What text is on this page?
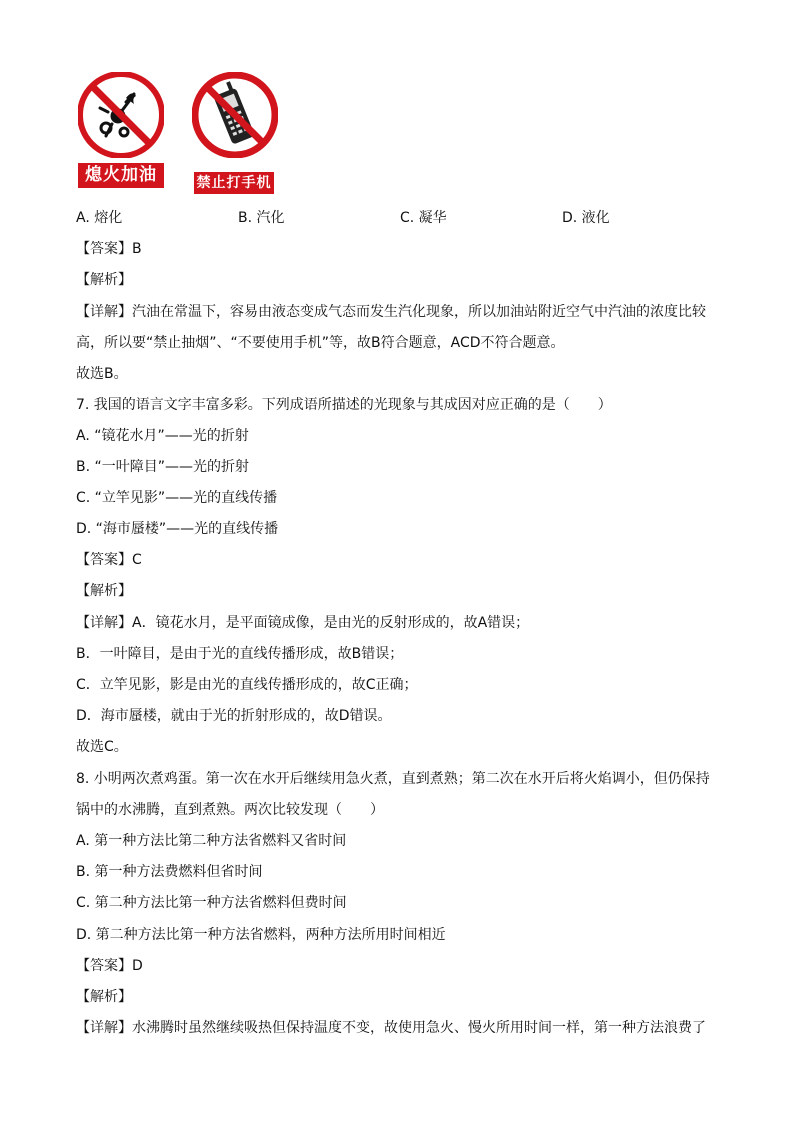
熄火加油	禁止打手机
A. 熔化	B. 汽化	C. 凝华	D. 液化
【答案】B
【解析】
【详解】汽油在常温下，容易由液态变成气态而发生汽化现象，所以加油站附近空气中汽油的浓度比较
高，所以要“禁止抽烟”、“不要使用手机”等，故B符合题意，ACD不符合题意。
故选B。
7. 我国的语言文字丰富多彩。下列成语所描述的光现象与其成因对应正确的是（　　）
A. “镜花水月”——光的折射
B. “一叶障目”——光的折射
C. “立竿见影”——光的直线传播
D. “海市蜃楼”——光的直线传播
【答案】C
【解析】
【详解】A．镜花水月，是平面镜成像，是由光的反射形成的，故A错误；
B．一叶障目，是由于光的直线传播形成，故B错误；
C．立竿见影，影是由光的直线传播形成的，故C正确；
D．海市蜃楼，就由于光的折射形成的，故D错误。
故选C。
8. 小明两次煮鸡蛋。第一次在水开后继续用急火煮，直到煮熟；第二次在水开后将火焰调小，但仍保持
锅中的水沸腾，直到煮熟。两次比较发现（　　）
A. 第一种方法比第二种方法省燃料又省时间
B. 第一种方法费燃料但省时间
C. 第二种方法比第一种方法省燃料但费时间
D. 第二种方法比第一种方法省燃料，两种方法所用时间相近
【答案】D
【解析】
【详解】水沸腾时虽然继续吸热但保持温度不变，故使用急火、慢火所用时间一样，第一种方法浪费了
